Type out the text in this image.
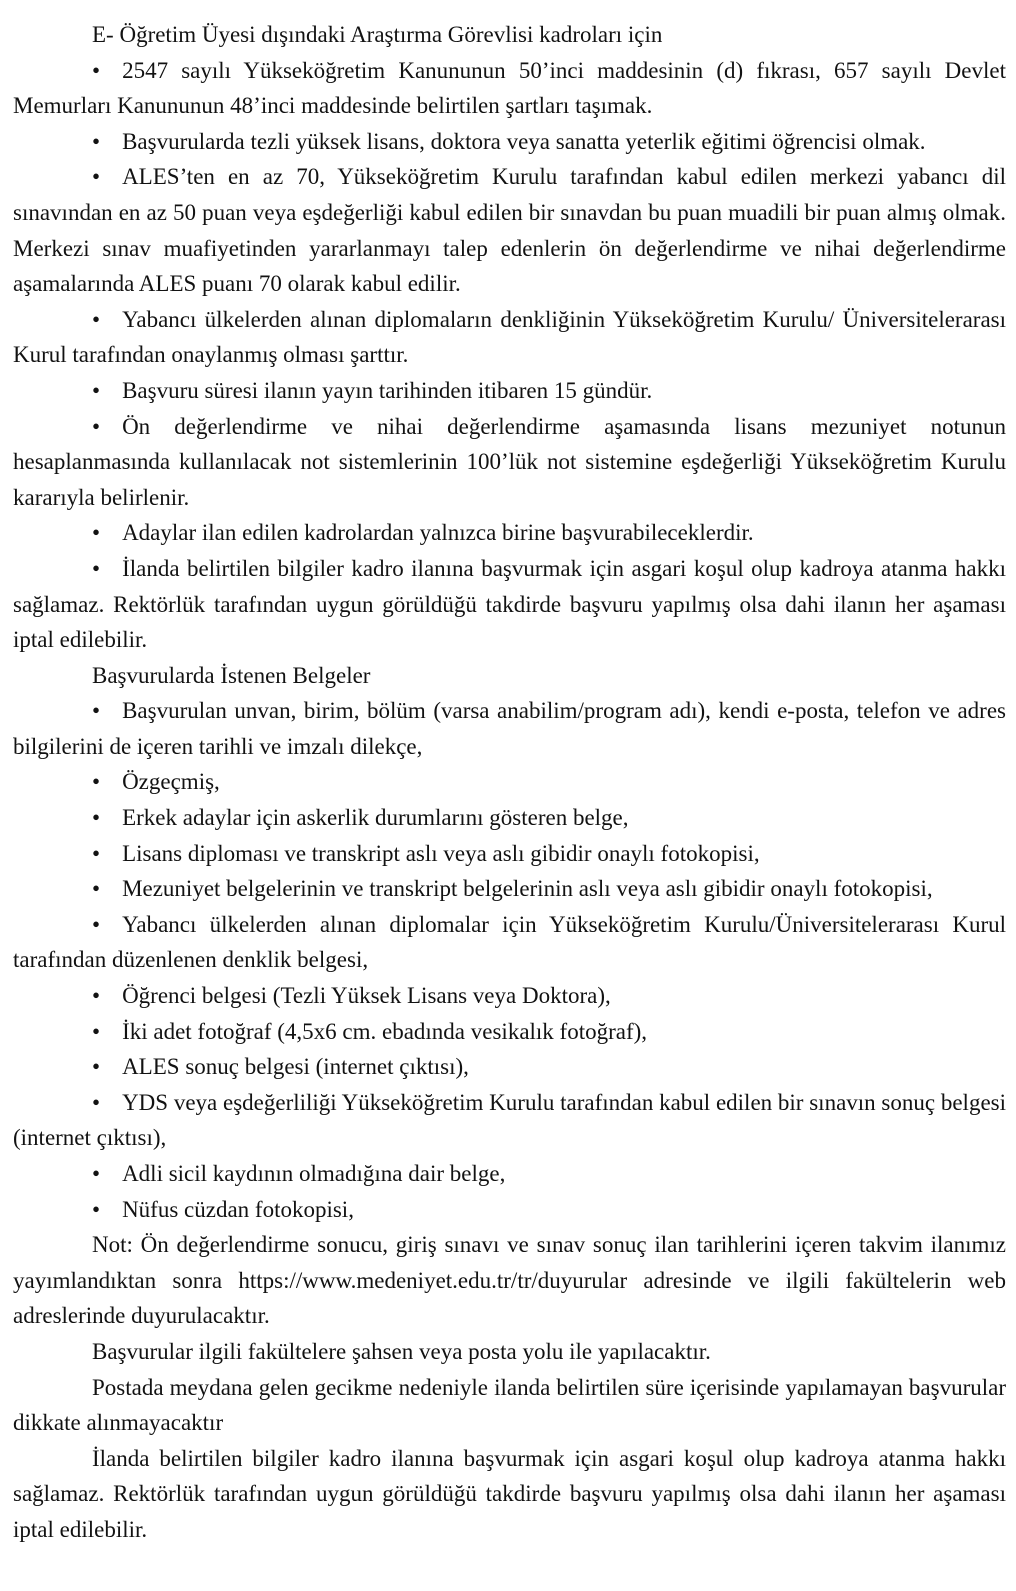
E- Öğretim Üyesi dışındaki Araştırma Görevlisi kadroları için

• 2547 sayılı Yükseköğretim Kanununun 50’inci maddesinin (d) fıkrası, 657 sayılı Devlet Memurları Kanununun 48’inci maddesinde belirtilen şartları taşımak.

• Başvurularda tezli yüksek lisans, doktora veya sanatta yeterlik eğitimi öğrencisi olmak.

• ALES’ten en az 70, Yükseköğretim Kurulu tarafından kabul edilen merkezi yabancı dil sınavından en az 50 puan veya eşdeğerliği kabul edilen bir sınavdan bu puan muadili bir puan almış olmak. Merkezi sınav muafiyetinden yararlanmayı talep edenlerin ön değerlendirme ve nihai değerlendirme aşamalarında ALES puanı 70 olarak kabul edilir.

• Yabancı ülkelerden alınan diplomaların denkliğinin Yükseköğretim Kurulu/ Üniversitelerarası Kurul tarafından onaylanmış olması şarttır.

• Başvuru süresi ilanın yayın tarihinden itibaren 15 gündür.

• Ön değerlendirme ve nihai değerlendirme aşamasında lisans mezuniyet notunun hesaplanmasında kullanılacak not sistemlerinin 100’lük not sistemine eşdeğerliği Yükseköğretim Kurulu kararıyla belirlenir.

• Adaylar ilan edilen kadrolardan yalnızca birine başvurabileceklerdir.

• İlanda belirtilen bilgiler kadro ilanına başvurmak için asgari koşul olup kadroya atanma hakkı sağlamaz. Rektörlük tarafından uygun görüldüğü takdirde başvuru yapılmış olsa dahi ilanın her aşaması iptal edilebilir.

Başvurularda İstenen Belgeler

• Başvurulan unvan, birim, bölüm (varsa anabilim/​program adı), kendi e-posta, telefon ve adres bilgilerini de içeren tarihli ve imzalı dilekçe,

• Özgeçmiş,

• Erkek adaylar için askerlik durumlarını gösteren belge,

• Lisans diploması ve transkript aslı veya aslı gibidir onaylı fotokopisi,

• Mezuniyet belgelerinin ve transkript belgelerinin aslı veya aslı gibidir onaylı fotokopisi,

• Yabancı ülkelerden alınan diplomalar için Yükseköğretim Kurulu/​Üniversitelerarası Kurul tarafından düzenlenen denklik belgesi,

• Öğrenci belgesi (Tezli Yüksek Lisans veya Doktora),

• İki adet fotoğraf (4,5x6 cm. ebadında vesikalık fotoğraf),

• ALES sonuç belgesi (internet çıktısı),

• YDS veya eşdeğerliliği Yükseköğretim Kurulu tarafından kabul edilen bir sınavın sonuç belgesi (internet çıktısı),

• Adli sicil kaydının olmadığına dair belge,

• Nüfus cüzdan fotokopisi,

Not: Ön değerlendirme sonucu, giriş sınavı ve sınav sonuç ilan tarihlerini içeren takvim ilanımız yayımlandıktan sonra https:/​/​www.medeniyet.edu.tr/​tr/​duyurular adresinde ve ilgili fakültelerin web adreslerinde duyurulacaktır.

Başvurular ilgili fakültelere şahsen veya posta yolu ile yapılacaktır.

Postada meydana gelen gecikme nedeniyle ilanda belirtilen süre içerisinde yapılamayan başvurular dikkate alınmayacaktır

İlanda belirtilen bilgiler kadro ilanına başvurmak için asgari koşul olup kadroya atanma hakkı sağlamaz. Rektörlük tarafından uygun görüldüğü takdirde başvuru yapılmış olsa dahi ilanın her aşaması iptal edilebilir.
